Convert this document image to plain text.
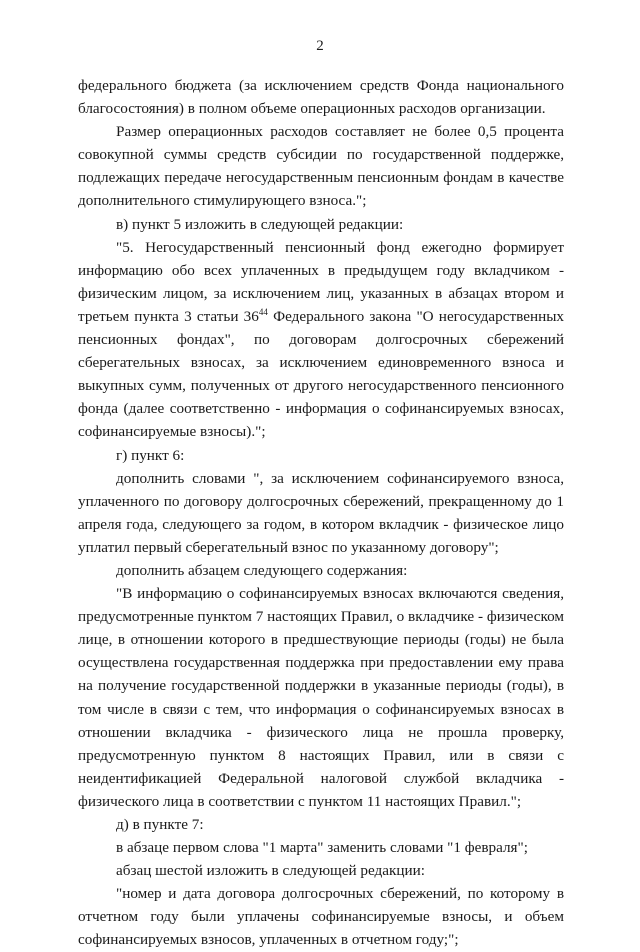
2

федерального бюджета (за исключением средств Фонда национального благосостояния) в полном объеме операционных расходов организации.

Размер операционных расходов составляет не более 0,5 процента совокупной суммы средств субсидии по государственной поддержке, подлежащих передаче негосударственным пенсионным фондам в качестве дополнительного стимулирующего взноса.";

в) пункт 5 изложить в следующей редакции:

"5. Негосударственный пенсионный фонд ежегодно формирует информацию обо всех уплаченных в предыдущем году вкладчиком - физическим лицом, за исключением лиц, указанных в абзацах втором и третьем пункта 3 статьи $36^{44}$ Федерального закона "О негосударственных пенсионных фондах", по договорам долгосрочных сбережений сберегательных взносах, за исключением единовременного взноса и выкупных сумм, полученных от другого негосударственного пенсионного фонда (далее соответственно - информация о софинансируемых взносах, софинансируемые взносы).";

г) пункт 6:

дополнить словами ", за исключением софинансируемого взноса, уплаченного по договору долгосрочных сбережений, прекращенному до 1 апреля года, следующего за годом, в котором вкладчик - физическое лицо уплатил первый сберегательный взнос по указанному договору";

дополнить абзацем следующего содержания:

"В информацию о софинансируемых взносах включаются сведения, предусмотренные пунктом 7 настоящих Правил, о вкладчике - физическом лице, в отношении которого в предшествующие периоды (годы) не была осуществлена государственная поддержка при предоставлении ему права на получение государственной поддержки в указанные периоды (годы), в том числе в связи с тем, что информация о софинансируемых взносах в отношении вкладчика - физического лица не прошла проверку, предусмотренную пунктом 8 настоящих Правил, или в связи с неидентификацией Федеральной налоговой службой вкладчика - физического лица в соответствии с пунктом 11 настоящих Правил.";

д) в пункте 7:

в абзаце первом слова "1 марта" заменить словами "1 февраля";

абзац шестой изложить в следующей редакции:

"номер и дата договора долгосрочных сбережений, по которому в отчетном году были уплачены софинансируемые взносы, и объем софинансируемых взносов, уплаченных в отчетном году;";
